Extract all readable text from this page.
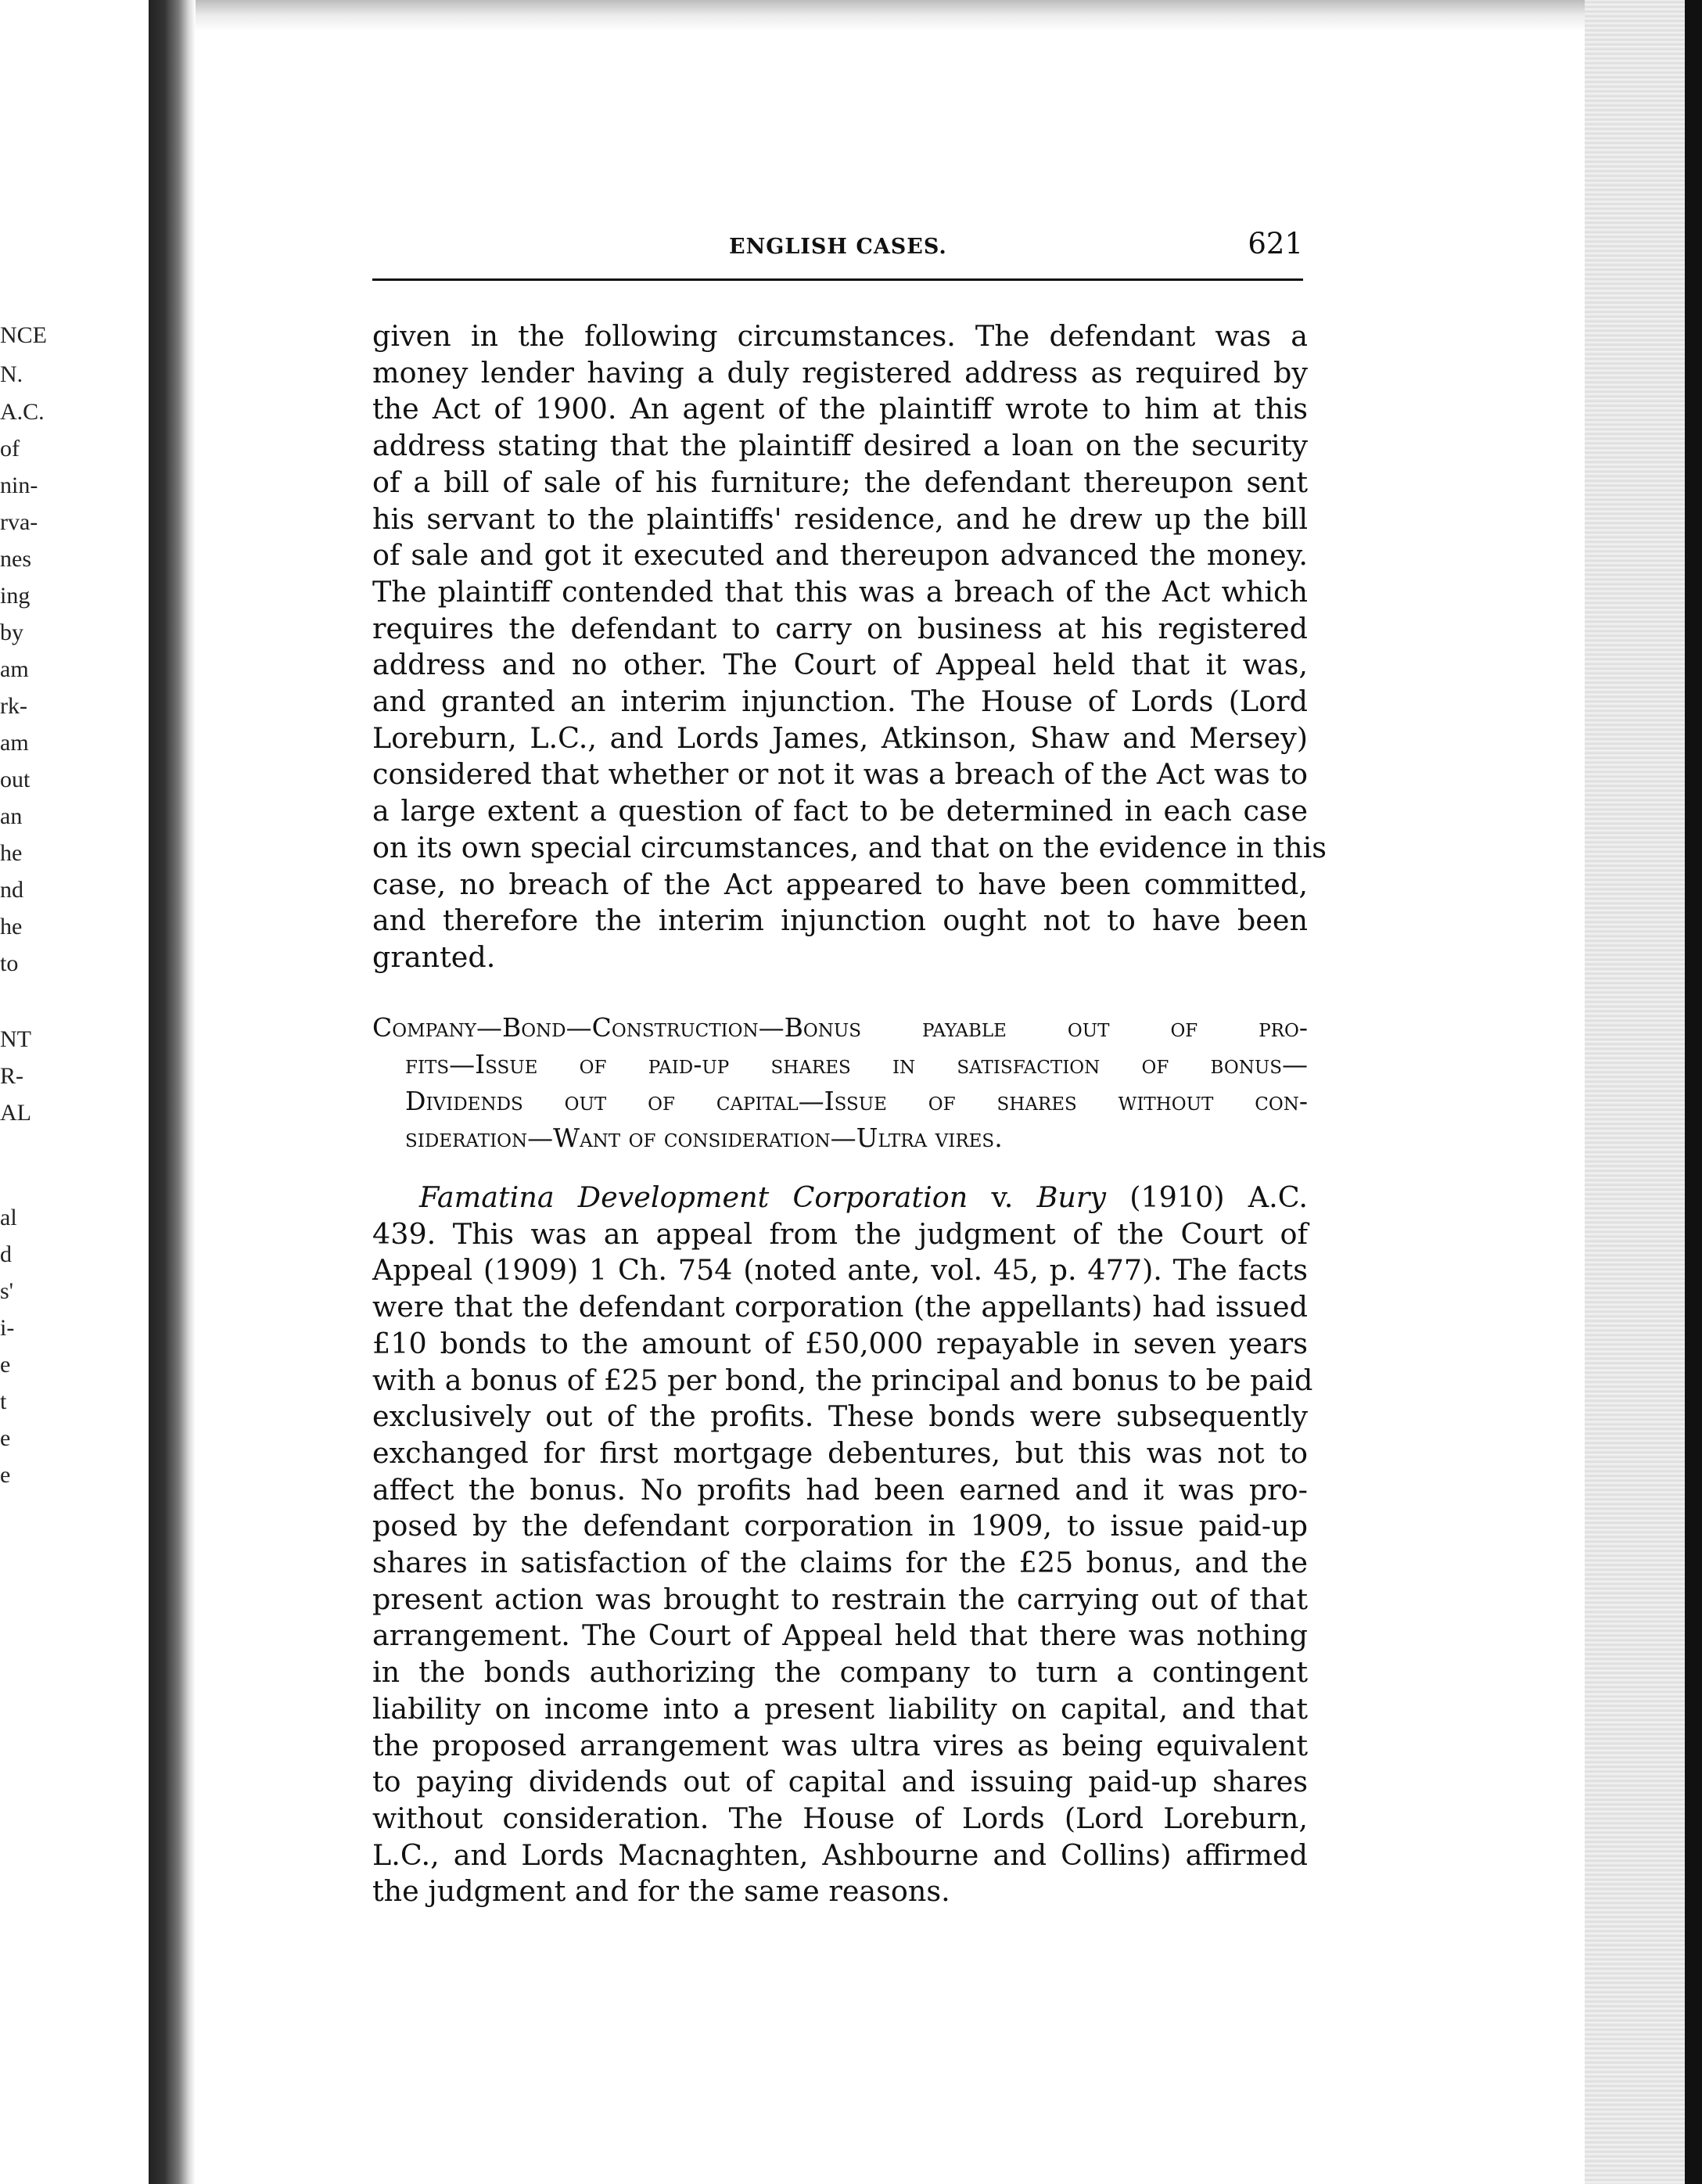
NCE
N.
A.C.
of
nin-
rva-
nes
ing
by
am
rk-
am
out
an
he
nd
he
to
NT
R-
AL
al
d
s'
i-
e
t
e
e
ENGLISH CASES.	621
given in the following circumstances. The defendant was a
money lender having a duly registered address as required by
the Act of 1900. An agent of the plaintiff wrote to him at this
address stating that the plaintiff desired a loan on the security
of a bill of sale of his furniture; the defendant thereupon sent
his servant to the plaintiffs' residence, and he drew up the bill
of sale and got it executed and thereupon advanced the money.
The plaintiff contended that this was a breach of the Act which
requires the defendant to carry on business at his registered
address and no other. The Court of Appeal held that it was,
and granted an interim injunction. The House of Lords (Lord
Loreburn, L.C., and Lords James, Atkinson, Shaw and Mersey)
considered that whether or not it was a breach of the Act was to
a large extent a question of fact to be determined in each case
on its own special circumstances, and that on the evidence in this
case, no breach of the Act appeared to have been committed,
and therefore the interim injunction ought not to have been
granted.
Company—Bond—Construction—Bonus payable out of pro-
fits—Issue of paid-up shares in satisfaction of bonus—
Dividends out of capital—Issue of shares without con-
sideration—Want of consideration—Ultra vires.
Famatina Development Corporation v. Bury (1910) A.C.
439. This was an appeal from the judgment of the Court of
Appeal (1909) 1 Ch. 754 (noted ante, vol. 45, p. 477). The facts
were that the defendant corporation (the appellants) had issued
£10 bonds to the amount of £50,000 repayable in seven years
with a bonus of £25 per bond, the principal and bonus to be paid
exclusively out of the profits. These bonds were subsequently
exchanged for first mortgage debentures, but this was not to
affect the bonus. No profits had been earned and it was pro-
posed by the defendant corporation in 1909, to issue paid-up
shares in satisfaction of the claims for the £25 bonus, and the
present action was brought to restrain the carrying out of that
arrangement. The Court of Appeal held that there was nothing
in the bonds authorizing the company to turn a contingent
liability on income into a present liability on capital, and that
the proposed arrangement was ultra vires as being equivalent
to paying dividends out of capital and issuing paid-up shares
without consideration. The House of Lords (Lord Loreburn,
L.C., and Lords Macnaghten, Ashbourne and Collins) affirmed
the judgment and for the same reasons.
